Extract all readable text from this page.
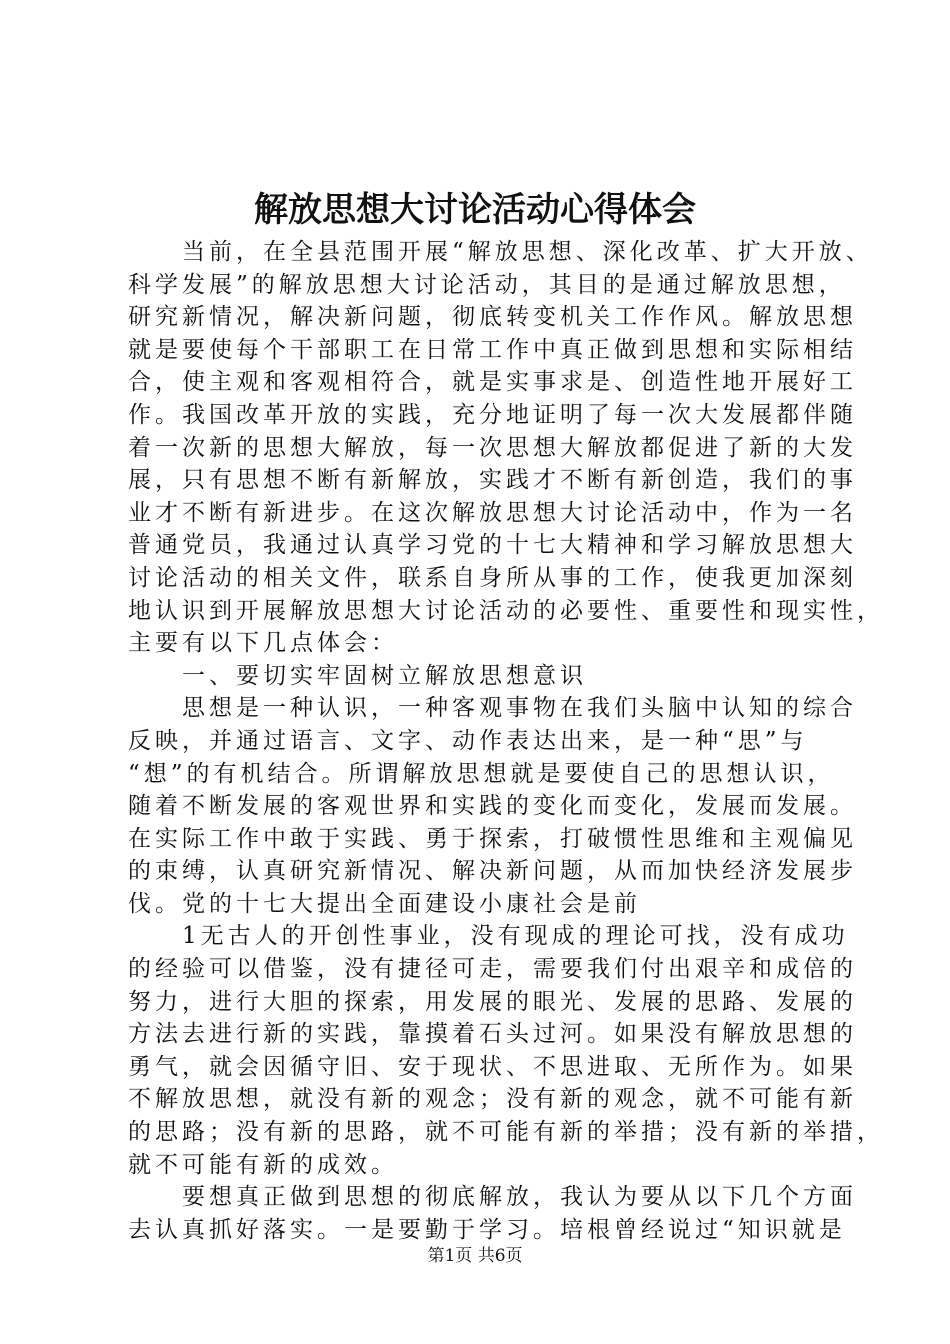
解放思想大讨论活动心得体会

当前，在全县范围开展“解放思想、深化改革、扩大开放、

科学发展”的解放思想大讨论活动，其目的是通过解放思想，

研究新情况，解决新问题，彻底转变机关工作作风。解放思想

就是要使每个干部职工在日常工作中真正做到思想和实际相结

合，使主观和客观相符合，就是实事求是、创造性地开展好工

作。我国改革开放的实践，充分地证明了每一次大发展都伴随

着一次新的思想大解放，每一次思想大解放都促进了新的大发

展，只有思想不断有新解放，实践才不断有新创造，我们的事

业才不断有新进步。在这次解放思想大讨论活动中，作为一名

普通党员，我通过认真学习党的十七大精神和学习解放思想大

讨论活动的相关文件，联系自身所从事的工作，使我更加深刻

地认识到开展解放思想大讨论活动的必要性、重要性和现实性，

主要有以下几点体会：

一、要切实牢固树立解放思想意识

思想是一种认识，一种客观事物在我们头脑中认知的综合

反映，并通过语言、文字、动作表达出来，是一种“思”与

“想”的有机结合。所谓解放思想就是要使自己的思想认识，

随着不断发展的客观世界和实践的变化而变化，发展而发展。

在实际工作中敢于实践、勇于探索，打破惯性思维和主观偏见

的束缚，认真研究新情况、解决新问题，从而加快经济发展步

伐。党的十七大提出全面建设小康社会是前

1无古人的开创性事业，没有现成的理论可找，没有成功

的经验可以借鉴，没有捷径可走，需要我们付出艰辛和成倍的

努力，进行大胆的探索，用发展的眼光、发展的思路、发展的

方法去进行新的实践，靠摸着石头过河。如果没有解放思想的

勇气，就会因循守旧、安于现状、不思进取、无所作为。如果

不解放思想，就没有新的观念；没有新的观念，就不可能有新

的思路；没有新的思路，就不可能有新的举措；没有新的举措，

就不可能有新的成效。

要想真正做到思想的彻底解放，我认为要从以下几个方面

去认真抓好落实。一是要勤于学习。培根曾经说过“知识就是

第1页 共6页
